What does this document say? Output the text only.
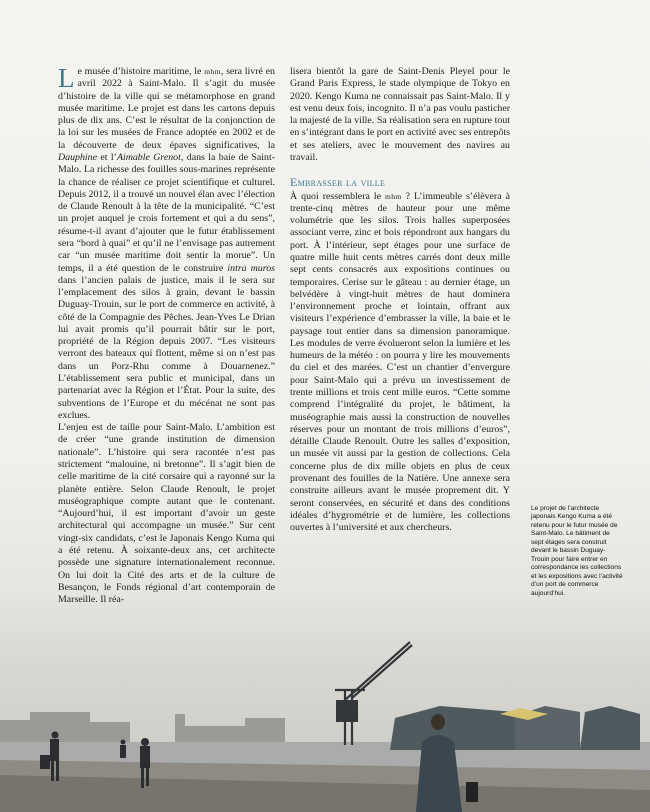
Le musée d’histoire maritime, le mhm, sera livré en avril 2022 à Saint-Malo. Il s’agit du musée d’histoire de la ville qui se métamorphose en grand musée maritime. Le projet est dans les cartons depuis plus de dix ans. C’est le résultat de la conjonction de la loi sur les musées de France adoptée en 2002 et de la découverte de deux épaves significatives, la Dauphine et l’Aimable Grenot, dans la baie de Saint-Malo. La richesse des fouilles sous-marines représente la chance de réaliser ce projet scientifique et culturel. Depuis 2012, il a trouvé un nouvel élan avec l’élection de Claude Renoult à la tête de la municipalité. “C’est un projet auquel je crois fortement et qui a du sens”, résume-t-il avant d’ajouter que le futur établissement sera “bord à quai” et qu’il ne l’envisage pas autrement car “un musée maritime doit sentir la morue”. Un temps, il a été question de le construire intra muros dans l’ancien palais de justice, mais il le sera sur l’emplacement des silos à grain, devant le bassin Duguay-Trouin, sur le port de commerce en activité, à côté de la Compagnie des Pêches. Jean-Yves Le Drian lui avait promis qu’il pourrait bâtir sur le port, propriété de la Région depuis 2007. “Les visiteurs verront des bateaux qui flottent, même si on n’est pas dans un Porz-Rhu comme à Douarnenez.” L’établissement sera public et municipal, dans un partenariat avec la Région et l’État. Pour la suite, des subventions de l’Europe et du mécénat ne sont pas exclues.

L’enjeu est de taille pour Saint-Malo. L’ambition est de créer “une grande institution de dimension nationale”. L’histoire qui sera racontée n’est pas strictement “malouine, ni bretonne”. Il s’agit bien de celle maritime de la cité corsaire qui a rayonné sur la planète entière. Selon Claude Renoult, le projet muséographique compte autant que le contenant. “Aujourd’hui, il est important d’avoir un geste architectural qui accompagne un musée.” Sur cent vingt-six candidats, c’est le Japonais Kengo Kuma qui a été retenu. À soixante-deux ans, cet architecte possède une signature internationalement reconnue. On lui doit la Cité des arts et de la culture de Besançon, le Fonds régional d’art contemporain de Marseille. Il réa-

lisera bientôt la gare de Saint-Denis Pleyel pour le Grand Paris Express, le stade olympique de Tokyo en 2020. Kengo Kuma ne connaissait pas Saint-Malo. Il y est venu deux fois, incognito. Il n’a pas voulu pasticher la majesté de la ville. Sa réalisation sera en rupture tout en s’intégrant dans le port en activité avec ses entrepôts et ses ateliers, avec le mouvement des navires au travail.

Embrasser la ville

À quoi ressemblera le mhm ? L’immeuble s’élèvera à trente-cinq mètres de hauteur pour une même volumétrie que les silos. Trois halles superposées associant verre, zinc et bois répondront aux hangars du port. À l’intérieur, sept étages pour une surface de quatre mille huit cents mètres carrés dont deux mille sept cents consacrés aux expositions continues ou temporaires. Cerise sur le gâteau : au dernier étage, un belvédère à vingt-huit mètres de haut dominera l’environnement proche et lointain, offrant aux visiteurs l’expérience d’embrasser la ville, la baie et le paysage tout entier dans sa dimension panoramique. Les modules de verre évolueront selon la lumière et les humeurs de la météo : on pourra y lire les mouvements du ciel et des marées. C’est un chantier d’envergure pour Saint-Malo qui a prévu un investissement de trente millions et trois cent mille euros. “Cette somme comprend l’intégralité du projet, le bâtiment, la muséographie mais aussi la construction de nouvelles réserves pour un montant de trois millions d’euros”, détaille Claude Renoult. Outre les salles d’exposition, un musée vit aussi par la gestion de collections. Cela concerne plus de dix mille objets en plus de ceux provenant des fouilles de la Natière. Une annexe sera construite ailleurs avant le musée proprement dit. Y seront conservées, en sécurité et dans des conditions idéales d’hygrométrie et de lumière, les collections ouvertes à l’université et aux chercheurs.

Le projet de l’architecte japonais Kengo Kuma a été retenu pour le futur musée de Saint-Malo. Le bâtiment de sept étages sera construit devant le bassin Duguay-Trouin pour faire entrer en correspondance les collections et les expositions avec l’activité d’un port de commerce aujourd’hui.
